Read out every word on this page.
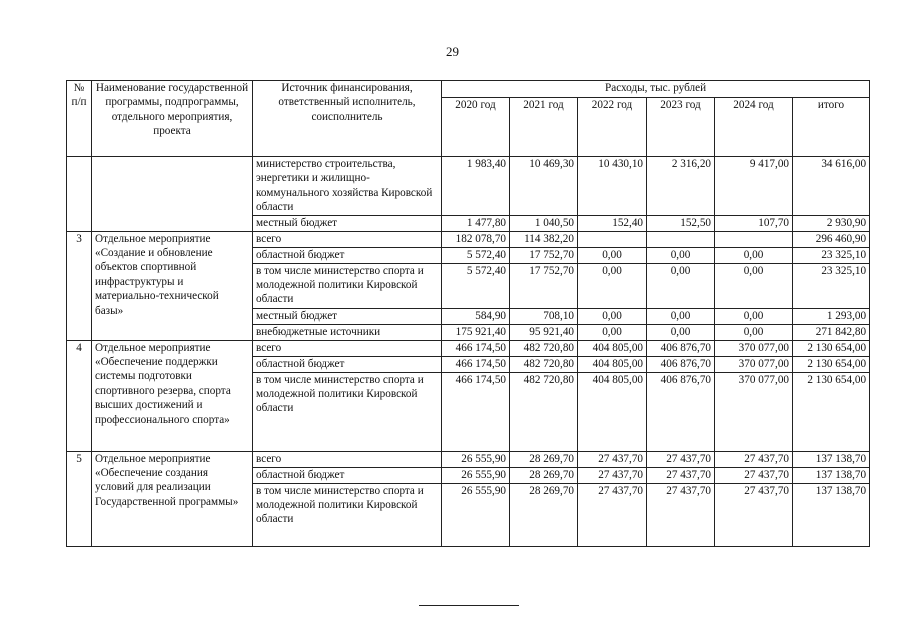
29
№ п/п	Наименование государственной программы, подпрограммы, отдельного мероприятия, проекта	Источник финансирования, ответственный исполнитель, соисполнитель	Расходы, тыс. рублей					
			2020 год	2021 год	2022 год	2023 год	2024 год	итого
		министерство строительства, энергетики и жилищно-коммунального хозяйства Кировской области	1 983,40	10 469,30	10 430,10	2 316,20	9 417,00	34 616,00
		местный бюджет	1 477,80	1 040,50	152,40	152,50	107,70	2 930,90
3	Отдельное мероприятие «Создание и обновление объектов спортивной инфраструктуры и материально-технической базы»	всего	182 078,70	114 382,20				296 460,90
		областной бюджет	5 572,40	17 752,70	0,00	0,00	0,00	23 325,10
		в том числе министерство спорта и молодежной политики Кировской области	5 572,40	17 752,70	0,00	0,00	0,00	23 325,10
		местный бюджет	584,90	708,10	0,00	0,00	0,00	1 293,00
		внебюджетные источники	175 921,40	95 921,40	0,00	0,00	0,00	271 842,80
4	Отдельное мероприятие «Обеспечение поддержки системы подготовки спортивного резерва, спорта высших достижений и профессионального спорта»	всего	466 174,50	482 720,80	404 805,00	406 876,70	370 077,00	2 130 654,00
		областной бюджет	466 174,50	482 720,80	404 805,00	406 876,70	370 077,00	2 130 654,00
		в том числе министерство спорта и молодежной политики Кировской области	466 174,50	482 720,80	404 805,00	406 876,70	370 077,00	2 130 654,00
5	Отдельное мероприятие «Обеспечение создания условий для реализации Государственной программы»	всего	26 555,90	28 269,70	27 437,70	27 437,70	27 437,70	137 138,70
		областной бюджет	26 555,90	28 269,70	27 437,70	27 437,70	27 437,70	137 138,70
		в том числе министерство спорта и молодежной политики Кировской области	26 555,90	28 269,70	27 437,70	27 437,70	27 437,70	137 138,70
